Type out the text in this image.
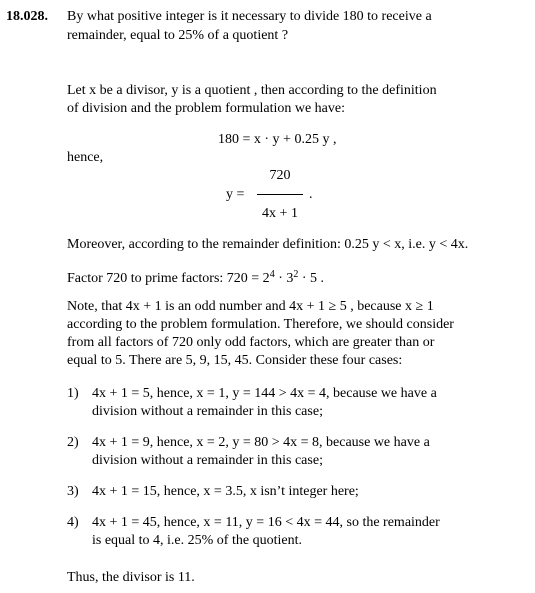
18.028. By what positive integer is it necessary to divide 180 to receive a
remainder, equal to 25% of a quotient ?
Let x be a divisor, y is a quotient , then according to the definition
of division and the problem formulation we have:
180 = x · y + 0.25 y ,
hence,
y =
720
4x + 1
.
Moreover, according to the remainder definition: 0.25 y < x, i.e. y < 4x.
Factor 720 to prime factors: $720 = 2^4 \cdot 3^2 \cdot 5$ .
Note, that 4x + 1 is an odd number and 4x + 1 ≥ 5 , because x ≥ 1
according to the problem formulation. Therefore, we should consider
from all factors of 720 only odd factors, which are greater than or
equal to 5. There are 5, 9, 15, 45. Consider these four cases:
1) 4x + 1 = 5, hence, x = 1, y = 144 > 4x = 4, because we have a
division without a remainder in this case;
2) 4x + 1 = 9, hence, x = 2, y = 80 > 4x = 8, because we have a
division without a remainder in this case;
3) 4x + 1 = 15, hence, x = 3.5, x isn’t integer here;
4) 4x + 1 = 45, hence, x = 11, y = 16 < 4x = 44, so the remainder
is equal to 4, i.e. 25% of the quotient.
Thus, the divisor is 11.
